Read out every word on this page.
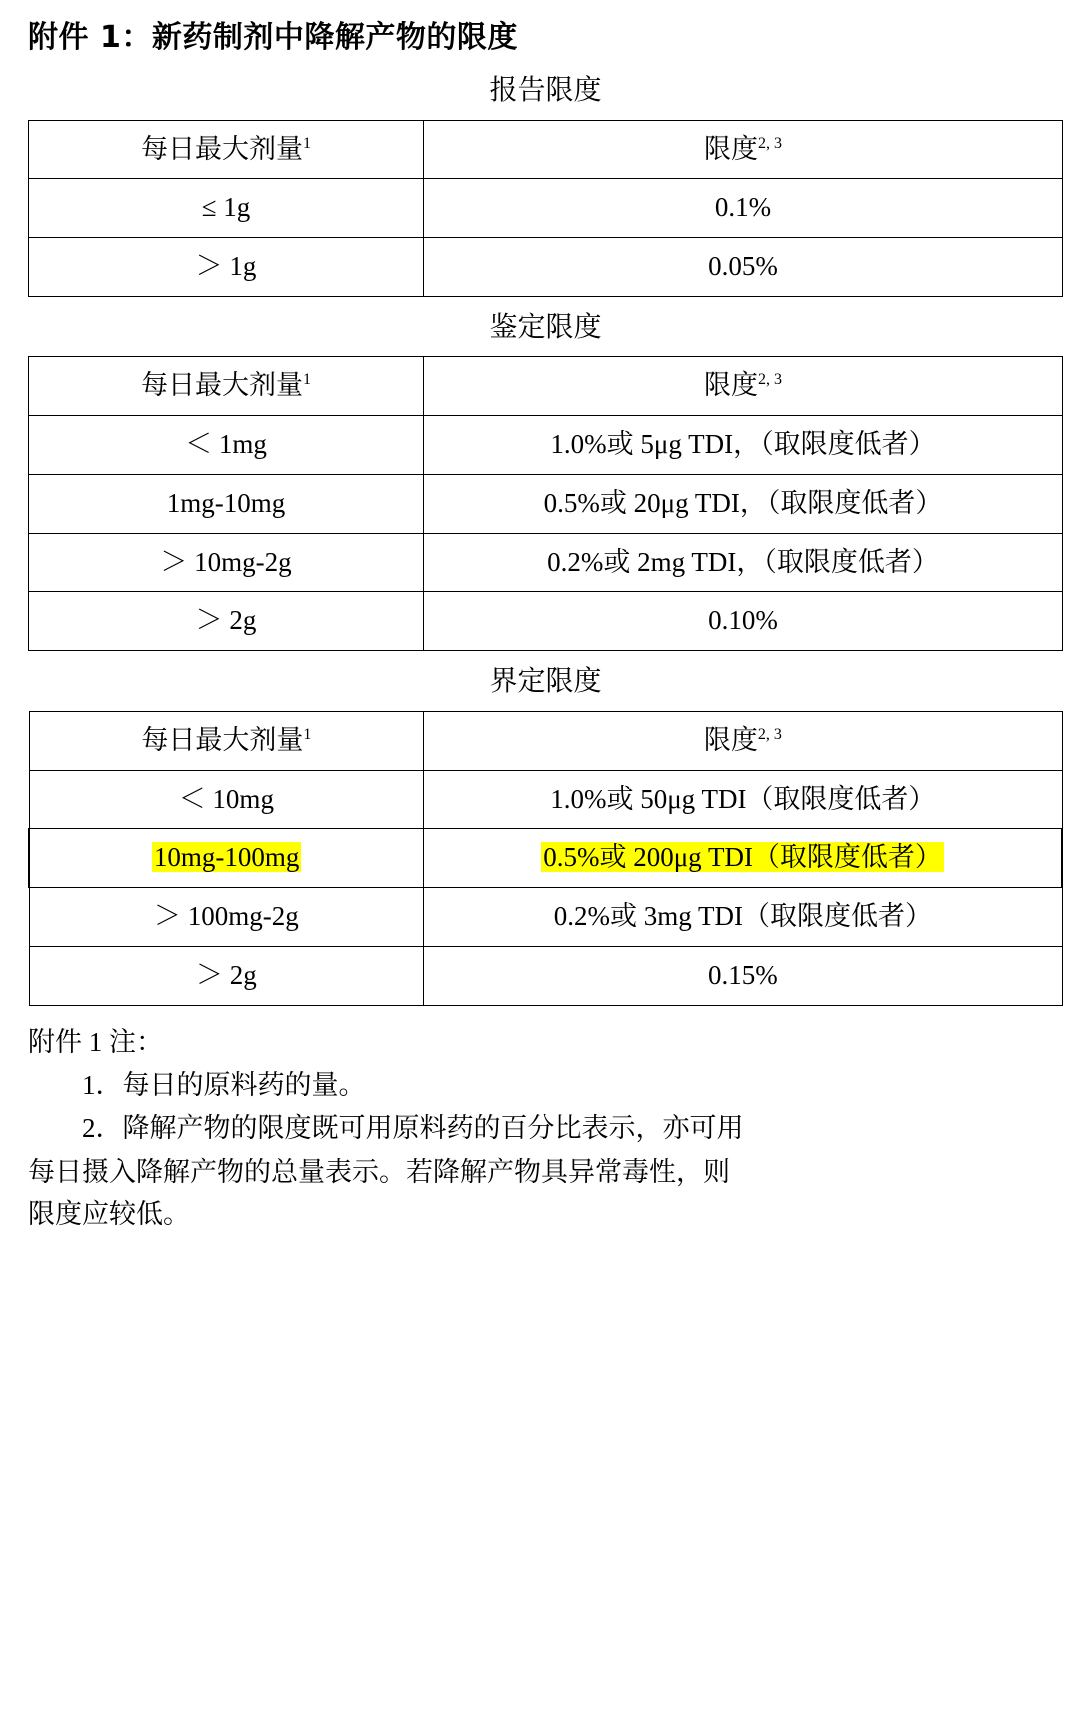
附件 1：新药制剂中降解产物的限度
报告限度
每日最大剂量$^1$	限度$^{2, 3}$
≤ 1g	0.1%
＞ 1g	0.05%
鉴定限度
每日最大剂量$^1$	限度$^{2, 3}$
＜ 1mg	1.0%或 5μg TDI，（取限度低者）
1mg-10mg	0.5%或 20μg TDI，（取限度低者）
＞ 10mg-2g	0.2%或 2mg TDI，（取限度低者）
＞ 2g	0.10%
界定限度
每日最大剂量$^1$	限度$^{2, 3}$
＜ 10mg	1.0%或 50μg TDI（取限度低者）
10mg-100mg	0.5%或 200μg TDI（取限度低者）
＞ 100mg-2g	0.2%或 3mg TDI（取限度低者）
＞ 2g	0.15%
附件 1 注：

1．每日的原料药的量。

2．降解产物的限度既可用原料药的百分比表示，亦可用

每日摄入降解产物的总量表示。若降解产物具异常毒性，则

限度应较低。
